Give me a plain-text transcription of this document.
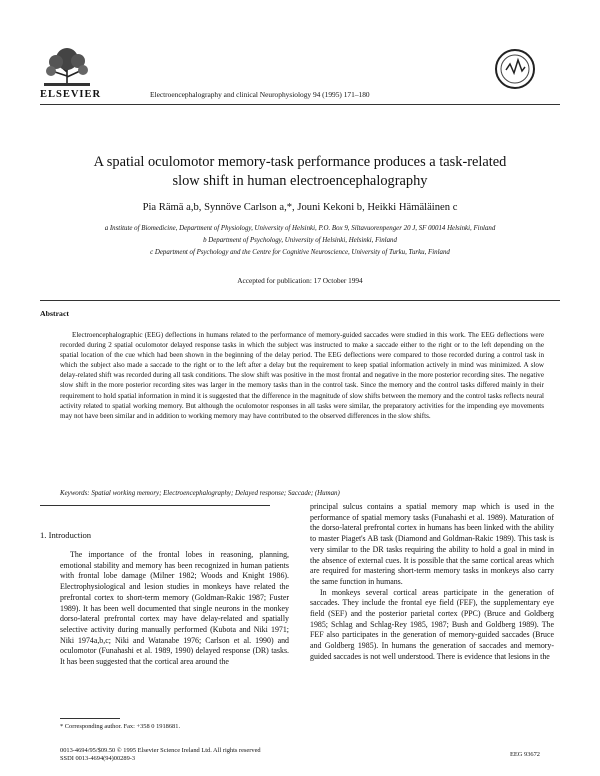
ELSEVIER	Electroencephalography and clinical Neurophysiology 94 (1995) 171–180
A spatial oculomotor memory-task performance produces a task-related
slow shift in human electroencephalography
Pia Rämä a,b, Synnöve Carlson a,*, Jouni Kekoni b, Heikki Hämäläinen c
a Institute of Biomedicine, Department of Physiology, University of Helsinki, P.O. Box 9, Siltavuorenpenger 20 J, SF 00014 Helsinki, Finland
b Department of Psychology, University of Helsinki, Helsinki, Finland
c Department of Psychology and the Centre for Cognitive Neuroscience, University of Turku, Turku, Finland
Accepted for publication: 17 October 1994
Abstract
Electroencephalographic (EEG) deflections in humans related to the performance of memory-guided saccades were studied in this work. The EEG deflections were recorded during 2 spatial oculomotor delayed response tasks in which the subject was instructed to make a saccade either to the right or to the left depending on the spatial location of the cue which had been shown in the beginning of the delay period. The EEG deflections were compared to those recorded during a control task in which the subject also made a saccade to the right or to the left after a delay but the requirement to keep spatial information actively in mind was minimized. A slow delay-related shift was recorded during all task conditions. The slow shift was positive in the most frontal and negative in the more posterior recording sites. The negative slow shift in the more posterior recording sites was larger in the memory tasks than in the control task. Since the memory and the control tasks differed mainly in their requirement to hold spatial information in mind it is suggested that the difference in the magnitude of slow shifts between the memory and the control tasks reflects neural activity related to spatial working memory. But although the oculomotor responses in all tasks were similar, the preparatory activities for the impending eye movements may not have been similar and in addition to working memory may have contributed to the observed differences in the slow shifts.
Keywords: Spatial working memory; Electroencephalography; Delayed response; Saccade; (Human)
1. Introduction
The importance of the frontal lobes in reasoning, planning, emotional stability and memory has been recognized in human patients with frontal lobe damage (Milner 1982; Woods and Knight 1986). Electrophysiological and lesion studies in monkeys have related the prefrontal cortex to short-term memory (Goldman-Rakic 1987; Fuster 1989). It has been well documented that single neurons in the monkey dorso-lateral prefrontal cortex may have delay-related and spatially selective activity during manually performed (Kubota and Niki 1971; Niki 1974a,b,c; Niki and Watanabe 1976; Carlson et al. 1990) and oculomotor (Funahashi et al. 1989, 1990) delayed response (DR) tasks. It has been suggested that the cortical area around the

principal sulcus contains a spatial memory map which is used in the performance of spatial memory tasks (Funahashi et al. 1989). Maturation of the dorso-lateral prefrontal cortex in humans has been linked with the ability to master Piaget's AB task (Diamond and Goldman-Rakic 1989). This task is very similar to the DR tasks requiring the ability to hold a goal in mind in the absence of external cues. It is possible that the same cortical areas which are required for mastering short-term memory tasks in monkeys also carry the same function in humans.

In monkeys several cortical areas participate in the generation of saccades. They include the frontal eye field (FEF), the supplementary eye field (SEF) and the posterior parietal cortex (PPC) (Bruce and Goldberg 1985; Schlag and Schlag-Rey 1985, 1987; Bush and Goldberg 1989). The FEF also participates in the generation of memory-guided saccades (Bruce and Goldberg 1985). In humans the generation of saccades and memory-guided saccades is not well understood. There is evidence that lesions in the

* Corresponding author. Fax: +358 0 1918681.
0013-4694/95/$09.50 © 1995 Elsevier Science Ireland Ltd. All rights reserved
SSDI 0013-4694(94)00289-3
EEG 93672
